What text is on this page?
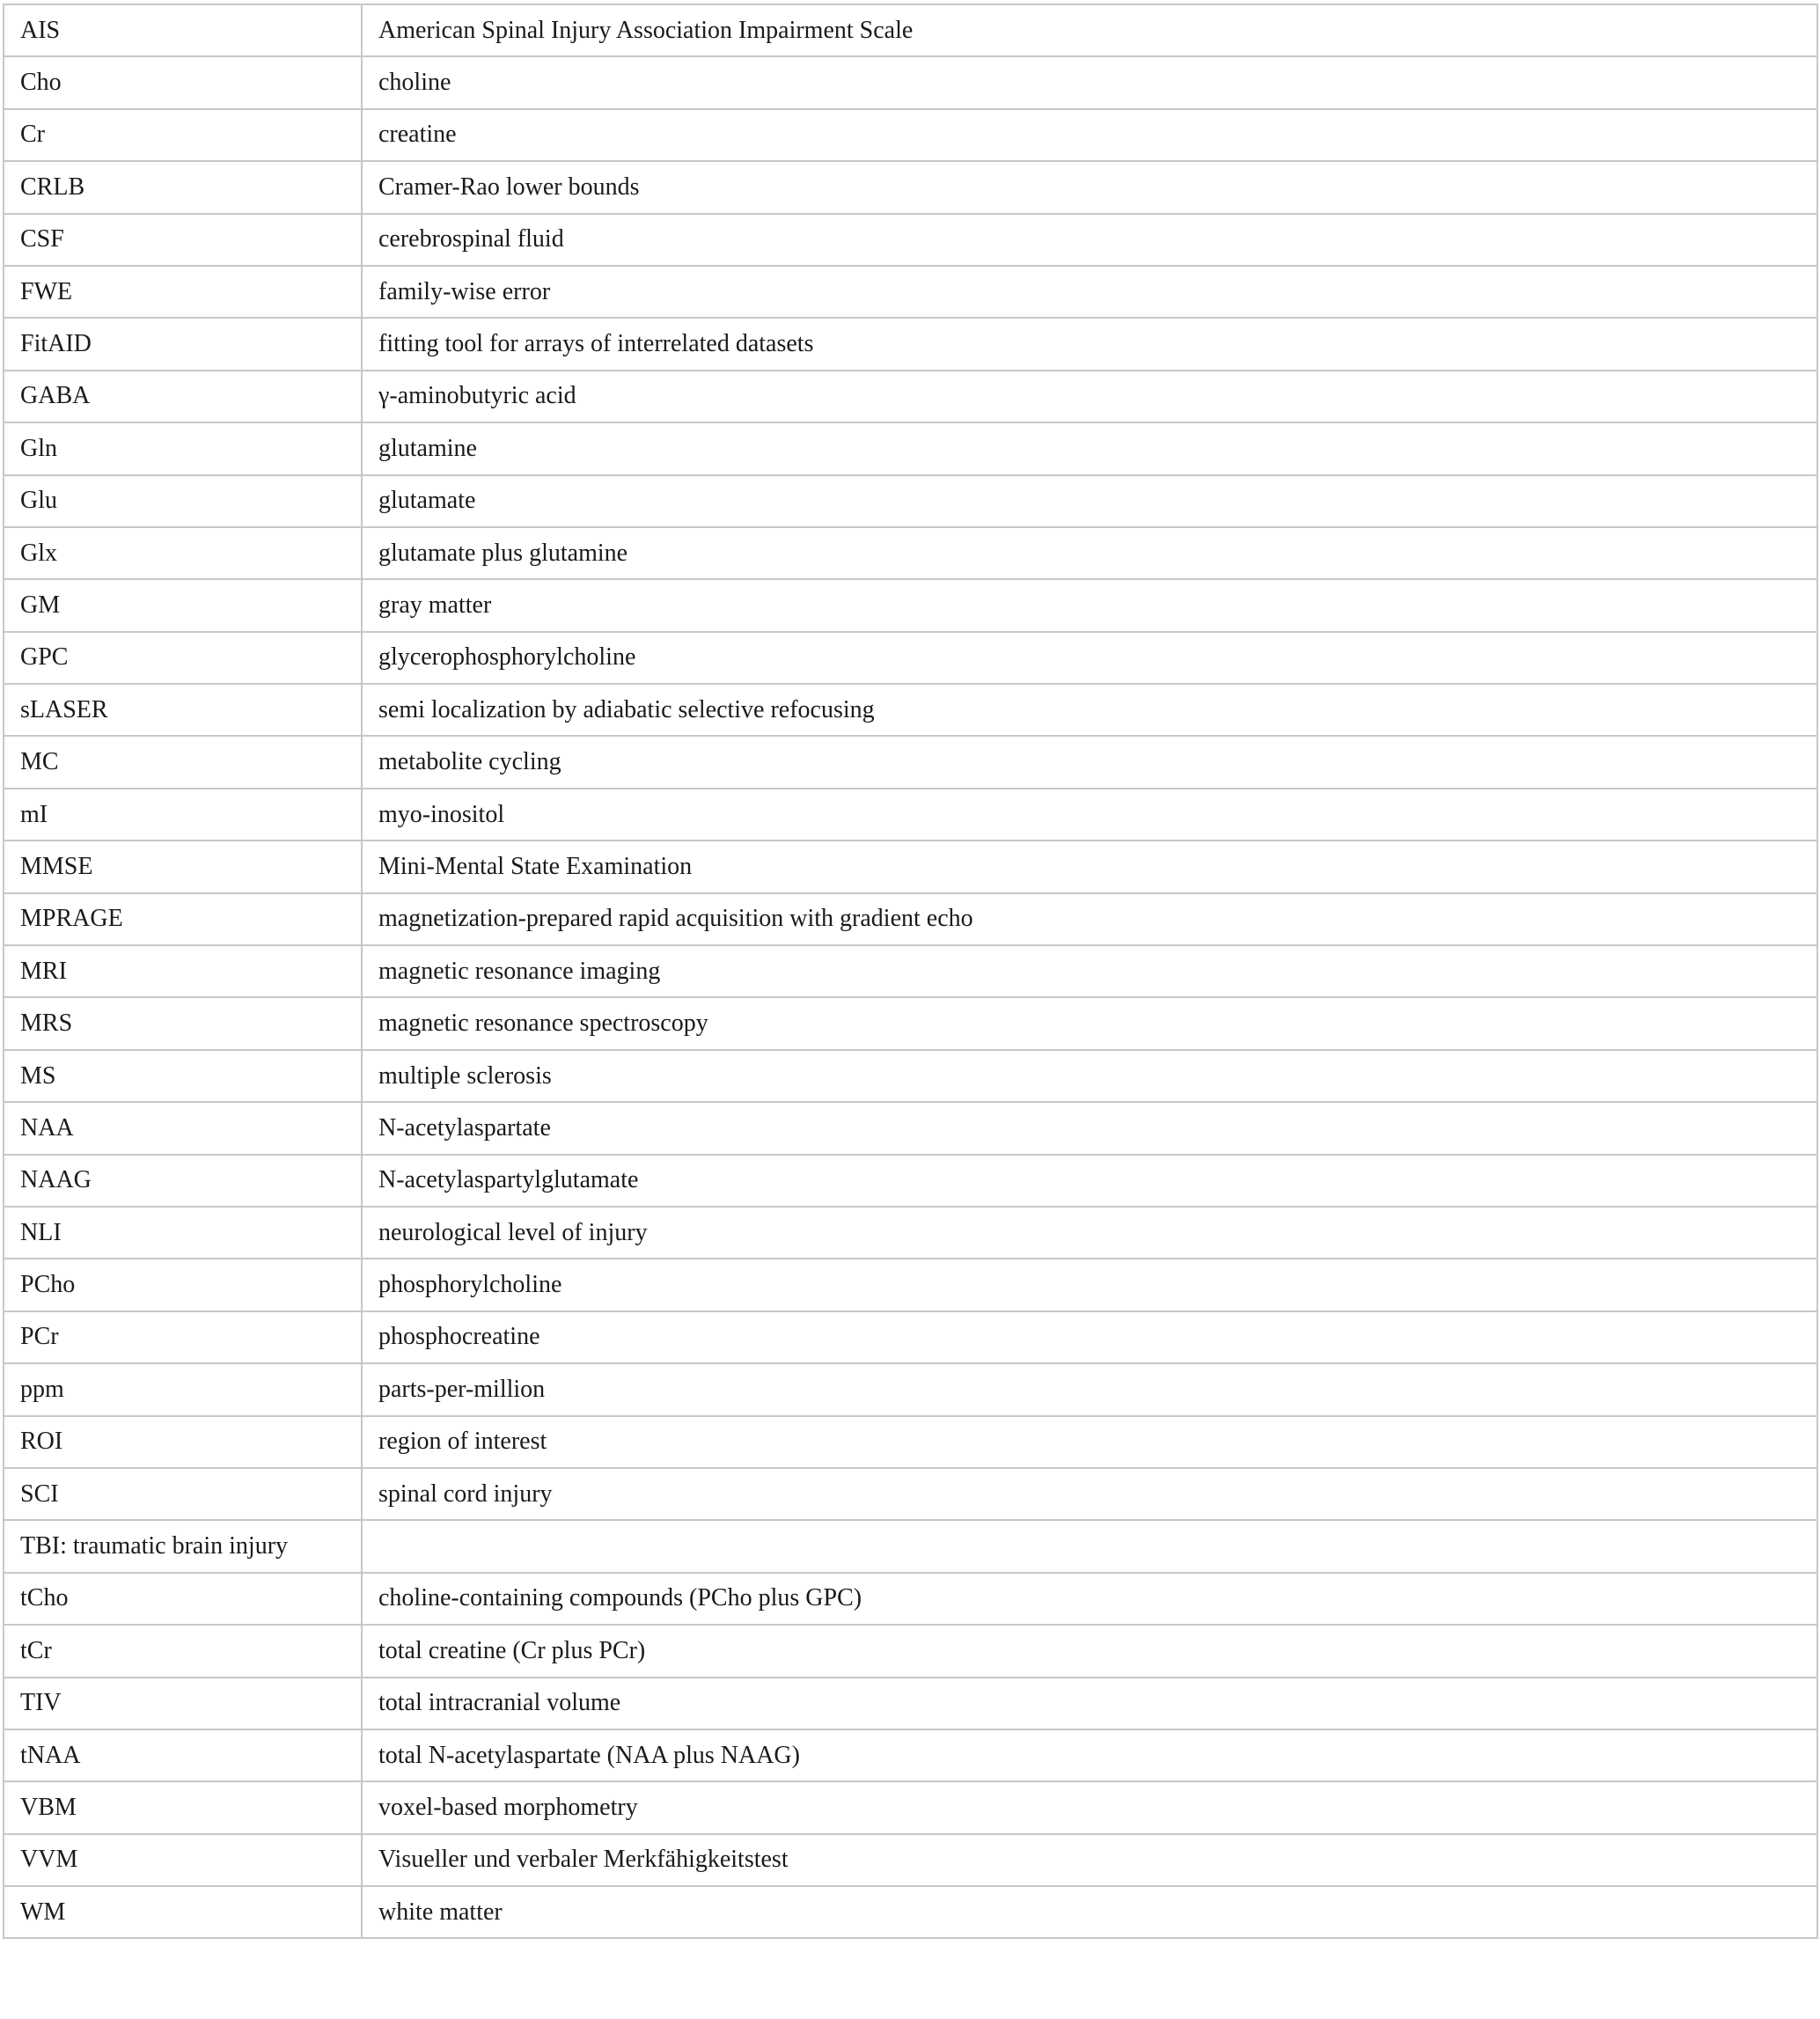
AIS	American Spinal Injury Association Impairment Scale
Cho	choline
Cr	creatine
CRLB	Cramer-Rao lower bounds
CSF	cerebrospinal fluid
FWE	family-wise error
FitAID	fitting tool for arrays of interrelated datasets
GABA	γ-aminobutyric acid
Gln	glutamine
Glu	glutamate
Glx	glutamate plus glutamine
GM	gray matter
GPC	glycerophosphorylcholine
sLASER	semi localization by adiabatic selective refocusing
MC	metabolite cycling
mI	myo-inositol
MMSE	Mini-Mental State Examination
MPRAGE	magnetization-prepared rapid acquisition with gradient echo
MRI	magnetic resonance imaging
MRS	magnetic resonance spectroscopy
MS	multiple sclerosis
NAA	N-acetylaspartate
NAAG	N-acetylaspartylglutamate
NLI	neurological level of injury
PCho	phosphorylcholine
PCr	phosphocreatine
ppm	parts-per-million
ROI	region of interest
SCI	spinal cord injury
TBI: traumatic brain injury	
tCho	choline-containing compounds (PCho plus GPC)
tCr	total creatine (Cr plus PCr)
TIV	total intracranial volume
tNAA	total N-acetylaspartate (NAA plus NAAG)
VBM	voxel-based morphometry
VVM	Visueller und verbaler Merkfähigkeitstest
WM	white matter
